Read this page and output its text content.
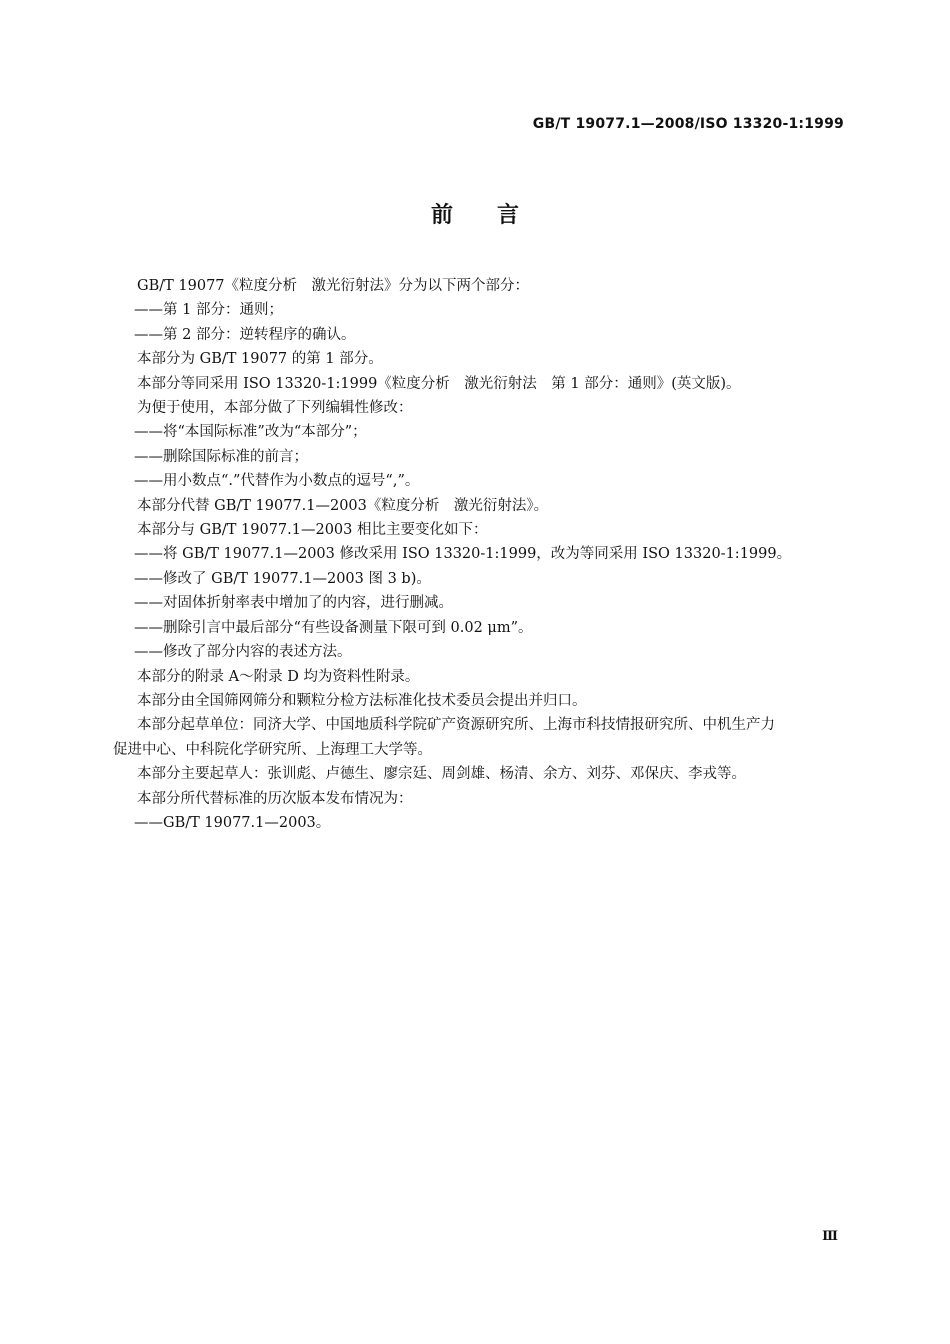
GB/T 19077.1—2008/ISO 13320-1:1999
前言

GB/T 19077《粒度分析　激光衍射法》分为以下两个部分：

——第 1 部分：通则；

——第 2 部分：逆转程序的确认。

本部分为 GB/T 19077 的第 1 部分。

本部分等同采用 ISO 13320-1:1999《粒度分析　激光衍射法　第 1 部分：通则》(英文版)。

为便于使用，本部分做了下列编辑性修改：

——将“本国际标准”改为“本部分”；

——删除国际标准的前言；

——用小数点“.”代替作为小数点的逗号“,”。

本部分代替 GB/T 19077.1—2003《粒度分析　激光衍射法》。

本部分与 GB/T 19077.1—2003 相比主要变化如下：

——将 GB/T 19077.1—2003 修改采用 ISO 13320-1:1999，改为等同采用 ISO 13320-1:1999。

——修改了 GB/T 19077.1—2003 图 3 b)。

——对固体折射率表中增加了的内容，进行删减。

——删除引言中最后部分“有些设备测量下限可到 0.02 μm”。

——修改了部分内容的表述方法。

本部分的附录 A～附录 D 均为资料性附录。

本部分由全国筛网筛分和颗粒分检方法标准化技术委员会提出并归口。

本部分起草单位：同济大学、中国地质科学院矿产资源研究所、上海市科技情报研究所、中机生产力

促进中心、中科院化学研究所、上海理工大学等。

本部分主要起草人：张训彪、卢德生、廖宗廷、周剑雄、杨清、余方、刘芬、邓保庆、李戎等。

本部分所代替标准的历次版本发布情况为：

——GB/T 19077.1—2003。

Ⅲ
